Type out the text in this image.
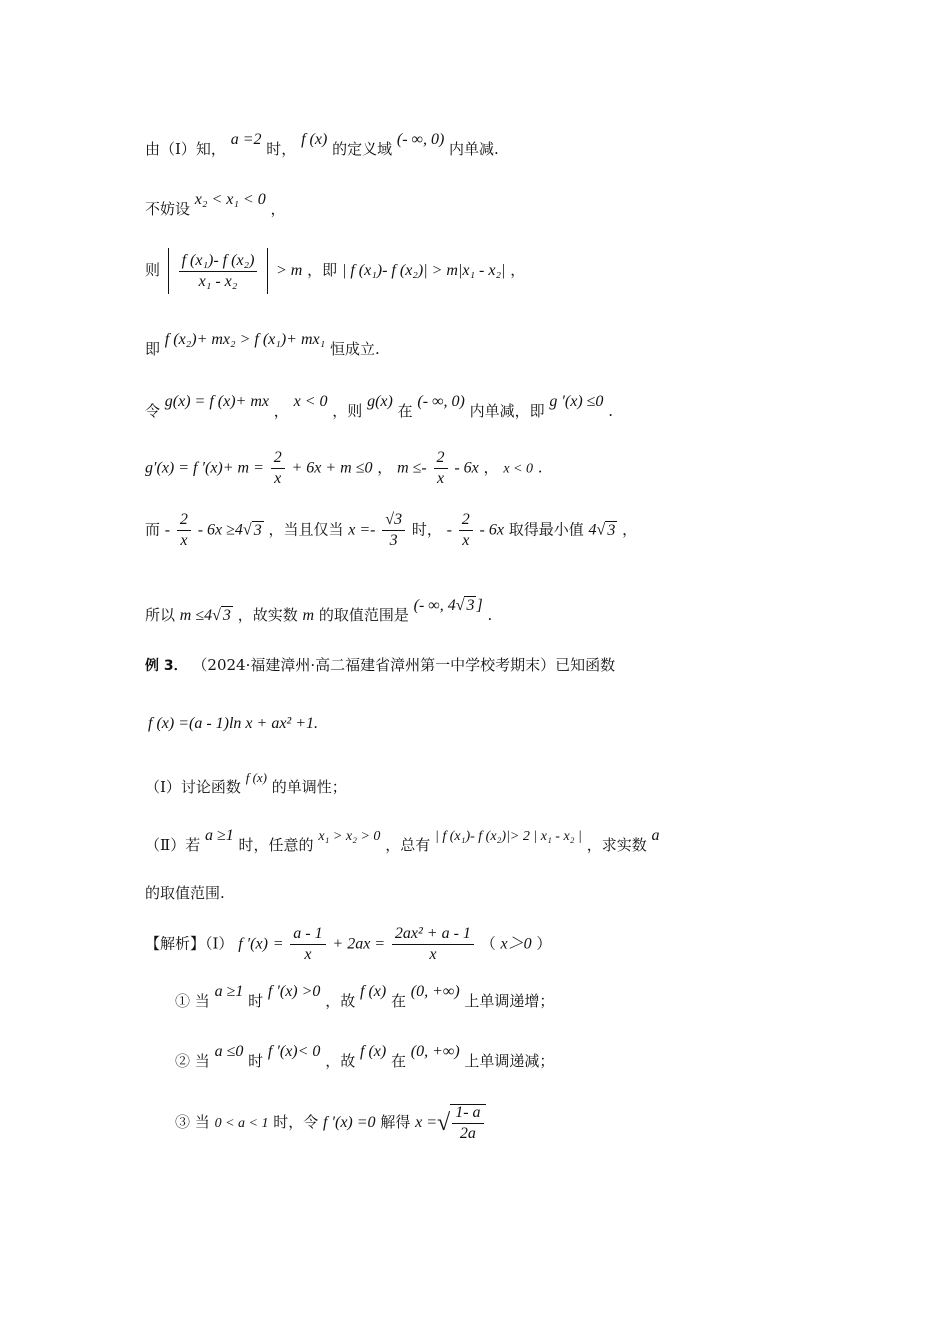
由（Ⅰ）知， a =2 时， f (x) 的定义域 (- ∞, 0) 内单减.
不妨设 x₂ < x₁ < 0 ，
则 $\frac{\text{f (x₁)- f (x₂)}}{\text{x₁ - x₂}} > m$ ，即 | f (x₁)- f (x₂)| > m|x₁ - x₂| ，
即 f (x₂)+ mx₂ > f (x₁)+ mx₁ 恒成立.
令 g(x) = f (x)+ mx ， x < 0 ，则 g(x) 在 (- ∞, 0) 内单减，即 g ′(x) ≤0 .
g′(x) = f $'(x)+ m = \frac{2}{x} + 6x + m \le 0$ ， $m \le- \frac{2}{x} - 6x$ ， x < 0 .
而 - $\frac{2}{x} - 6x \ge 4√$ 3 ，当且仅当 $x =- \frac{√3}{3}$ 时， - $\frac{2}{x} - 6x$ 取得最小值 4√ 3 ，
所以 m ≤4√ 3 ，故实数 m 的取值范围是 (- ∞, 4√ 3 ] .
例 3． （2024·福建漳州·高二福建省漳州第一中学校考期末）已知函数
f (x) =(a - 1)ln x + ax² +1.
（Ⅰ）讨论函数 f (x) 的单调性；
（Ⅱ）若 a ≥1 时，任意的 x₁ > x₂ > 0 ，总有 | f (x₁)- f (x₂)|> 2 | x₁ - x₂ | ，求实数 a
的取值范围.
【解析】（Ⅰ） f $'(x) = \frac{a - 1}{x} + 2ax = \frac{\text{2ax² + a - 1}}{x}$ （ x＞0 ）
① 当 a ≥1 时 f ′(x) >0 ，故 f (x) 在 (0, +∞) 上单调递增；
② 当 a ≤0 时 f ′(x)< 0 ，故 f (x) 在 (0, +∞) 上单调递减；
③ 当 0 < a < 1 时，令 f ′(x) =0 解得 x =√ $\frac{1- a}{2a}$
